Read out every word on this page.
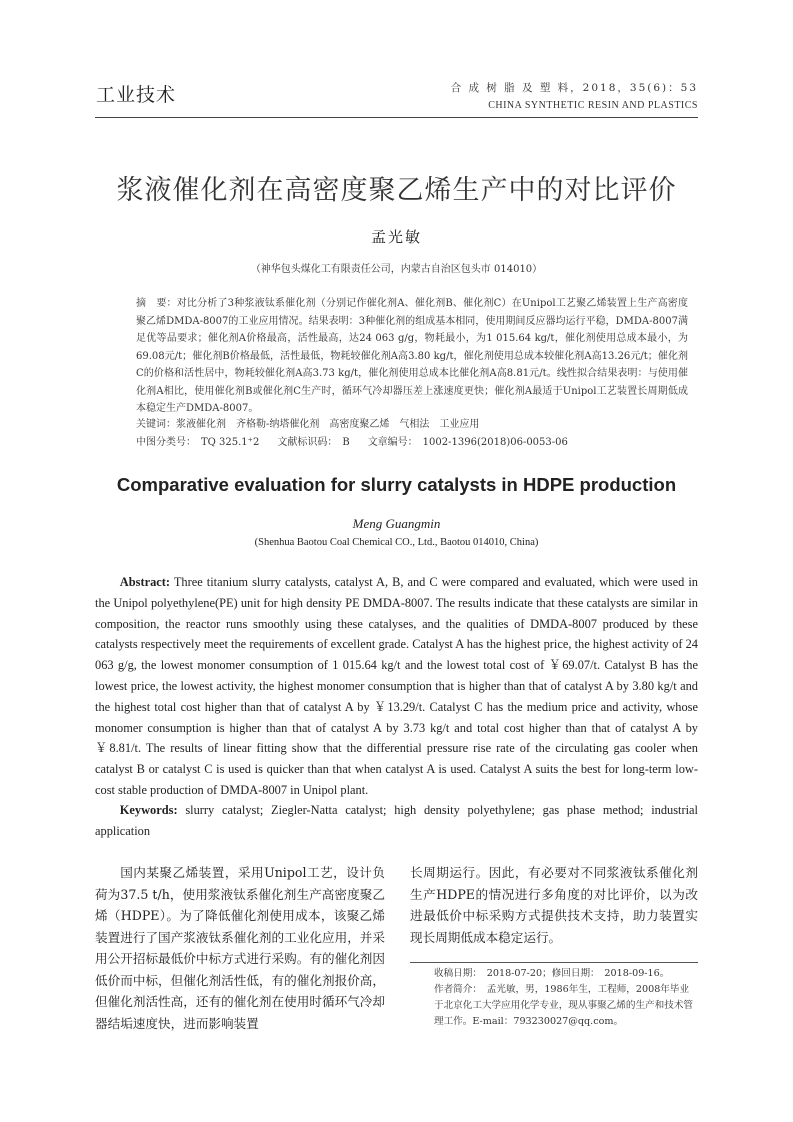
工业技术	合 成 树 脂 及 塑 料，2018，35(6)：53
CHINA SYNTHETIC RESIN AND PLASTICS
浆液催化剂在高密度聚乙烯生产中的对比评价
孟光敏
（神华包头煤化工有限责任公司，内蒙古自治区包头市 014010）
摘　要：对比分析了3种浆液钛系催化剂（分别记作催化剂A、催化剂B、催化剂C）在Unipol工艺聚乙烯装置上生产高密度聚乙烯DMDA-8007的工业应用情况。结果表明：3种催化剂的组成基本相同，使用期间反应器均运行平稳，DMDA-8007满足优等品要求；催化剂A价格最高，活性最高，达24 063 g/g，物耗最小，为1 015.64 kg/t，催化剂使用总成本最小，为69.08元/t；催化剂B价格最低，活性最低，物耗较催化剂A高3.80 kg/t，催化剂使用总成本较催化剂A高13.26元/t；催化剂C的价格和活性居中，物耗较催化剂A高3.73 kg/t，催化剂使用总成本比催化剂A高8.81元/t。线性拟合结果表明：与使用催化剂A相比，使用催化剂B或催化剂C生产时，循环气冷却器压差上涨速度更快；催化剂A最适于Unipol工艺装置长周期低成本稳定生产DMDA-8007。
关键词：浆液催化剂　齐格勒-纳塔催化剂　高密度聚乙烯　气相法　工业应用
中图分类号：　TQ 325.1⁺2 文献标识码：　B 文章编号：　1002-1396(2018)06-0053-06
Comparative evaluation for slurry catalysts in HDPE production
Meng Guangmin
(Shenhua Baotou Coal Chemical CO., Ltd., Baotou 014010, China)
  Abstract: Three titanium slurry catalysts, catalyst A, B, and C were compared and evaluated, which were used in the Unipol polyethylene(PE) unit for high density PE DMDA-8007. The results indicate that these catalysts are similar in composition, the reactor runs smoothly using these catalyses, and the qualities of DMDA-8007 produced by these catalysts respectively meet the requirements of excellent grade. Catalyst A has the highest price, the highest activity of 24 063 g/g, the lowest monomer consumption of 1 015.64 kg/t and the lowest total cost of ￥69.07/t. Catalyst B has the lowest price, the lowest activity, the highest monomer consumption that is higher than that of catalyst A by 3.80 kg/t and the highest total cost higher than that of catalyst A by ￥13.29/t. Catalyst C has the medium price and activity, whose monomer consumption is higher than that of catalyst A by 3.73 kg/t and total cost higher than that of catalyst A by ￥8.81/t. The results of linear fitting show that the differential pressure rise rate of the circulating gas cooler when catalyst B or catalyst C is used is quicker than that when catalyst A is used. Catalyst A suits the best for long-term low-cost stable production of DMDA-8007 in Unipol plant.
  Keywords: slurry catalyst; Ziegler-Natta catalyst; high density polyethylene; gas phase method; industrial application
国内某聚乙烯装置，采用Unipol工艺，设计负荷为37.5 t/h，使用浆液钛系催化剂生产高密度聚乙烯（HDPE）。为了降低催化剂使用成本，该聚乙烯装置进行了国产浆液钛系催化剂的工业化应用，并采用公开招标最低价中标方式进行采购。有的催化剂因低价而中标，但催化剂活性低，有的催化剂报价高，但催化剂活性高，还有的催化剂在使用时循环气冷却器结垢速度快，进而影响装置
长周期运行。因此，有必要对不同浆液钛系催化剂生产HDPE的情况进行多角度的对比评价，以为改进最低价中标采购方式提供技术支持，助力装置实现长周期低成本稳定运行。
收稿日期：　2018-07-20；修回日期：　2018-09-16。
作者简介：　孟光敏，男，1986年生，工程师，2008年毕业于北京化工大学应用化学专业，现从事聚乙烯的生产和技术管理工作。E-mail：793230027@qq.com。
